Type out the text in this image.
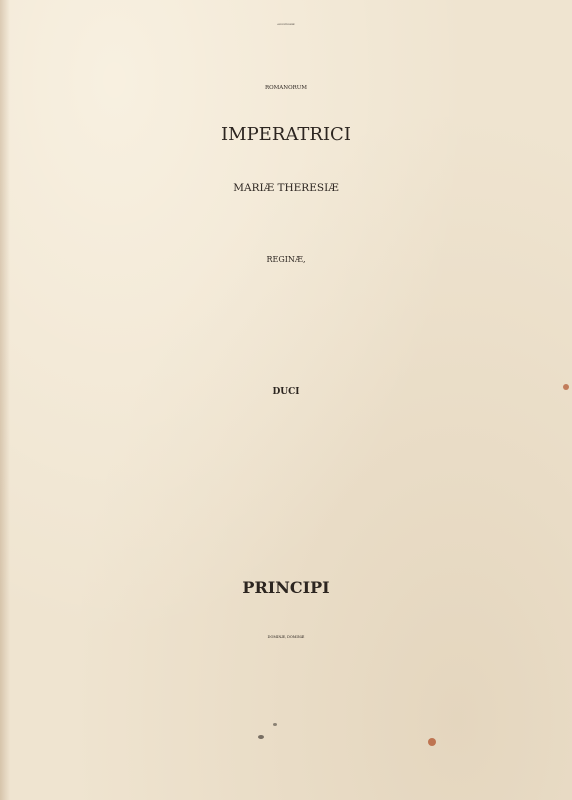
AUGUSTISSIMÆ

ROMANORUM

IMPERATRICI

MARIÆ THERESIÆ

REGINÆ,

DUCI

PRINCIPI

DOMINÆ, DOMINÆ
